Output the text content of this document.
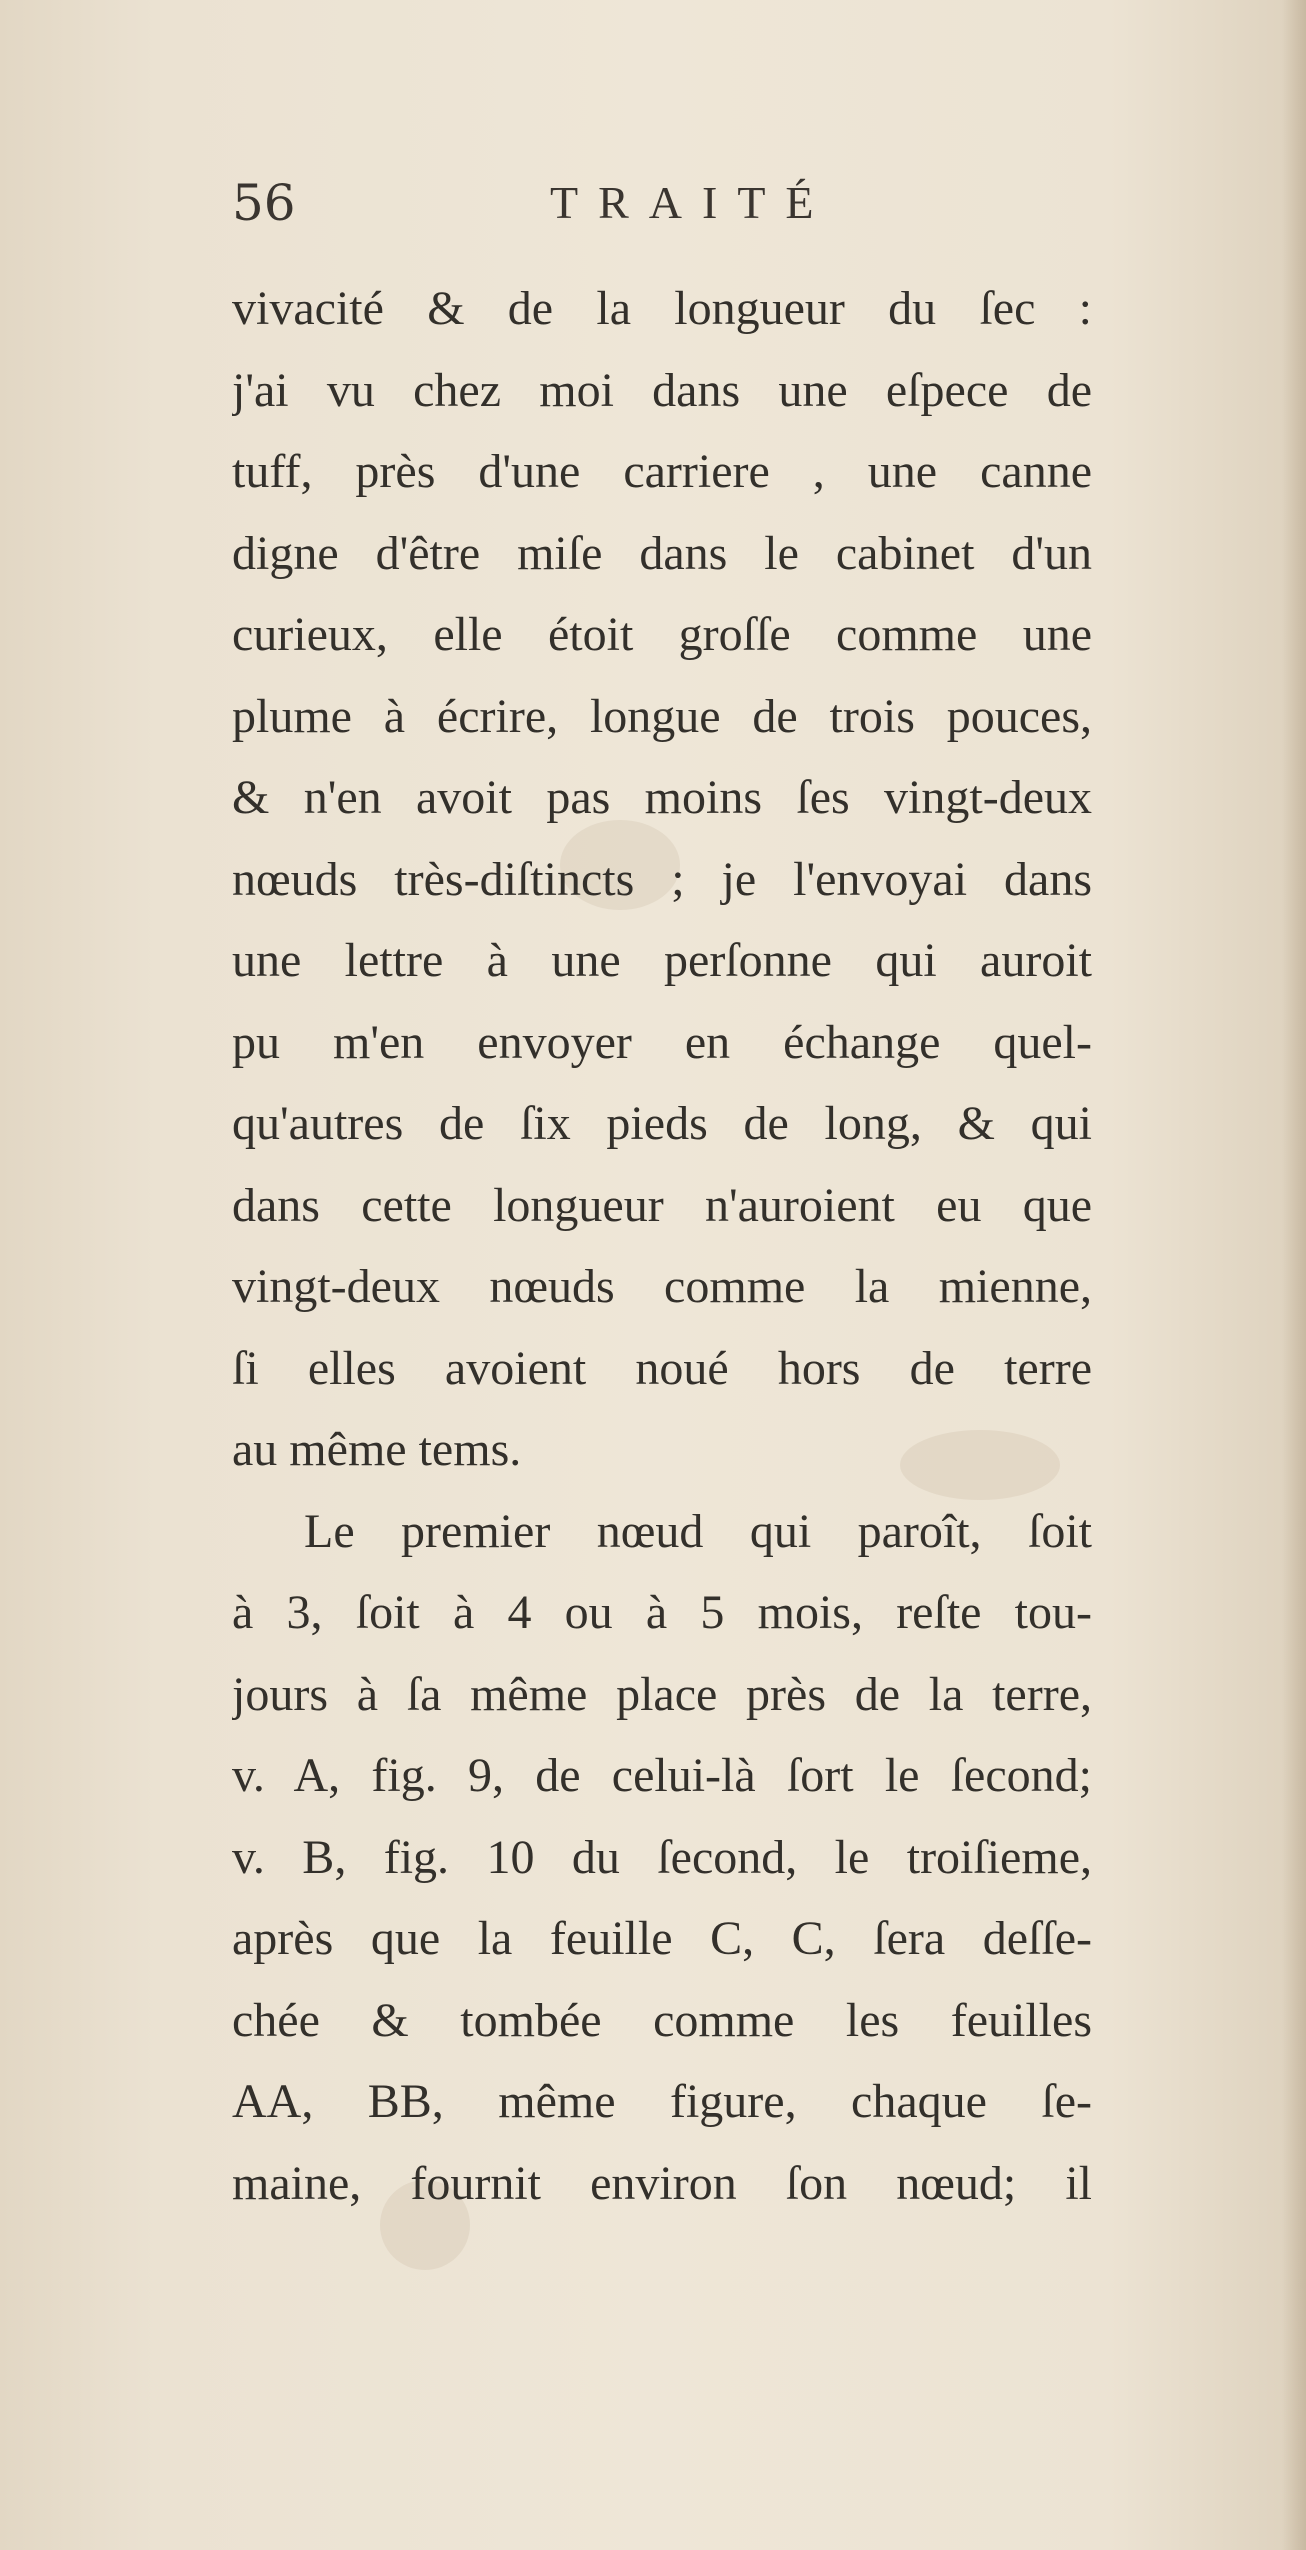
56	TRAITÉ
vivacité & de la longueur du ſec :
j'ai vu chez moi dans une eſpece de
tuff, près d'une carriere , une canne
digne d'être miſe dans le cabinet d'un
curieux, elle étoit groſſe comme une
plume à écrire, longue de trois pouces,
& n'en avoit pas moins ſes vingt-deux
nœuds très-diſtincts ; je l'envoyai dans
une lettre à une perſonne qui auroit
pu m'en envoyer en échange quel-
qu'autres de ſix pieds de long, & qui
dans cette longueur n'auroient eu que
vingt-deux nœuds comme la mienne,
ſi elles avoient noué hors de terre
au même tems.
Le premier nœud qui paroît, ſoit
à 3, ſoit à 4 ou à 5 mois, reſte tou-
jours à ſa même place près de la terre,
v. A, fig. 9, de celui-là ſort le ſecond;
v. B, fig. 10 du ſecond, le troiſieme,
après que la feuille C, C, ſera deſſe-
chée & tombée comme les feuilles
AA, BB, même figure, chaque ſe-
maine, fournit environ ſon nœud; il
